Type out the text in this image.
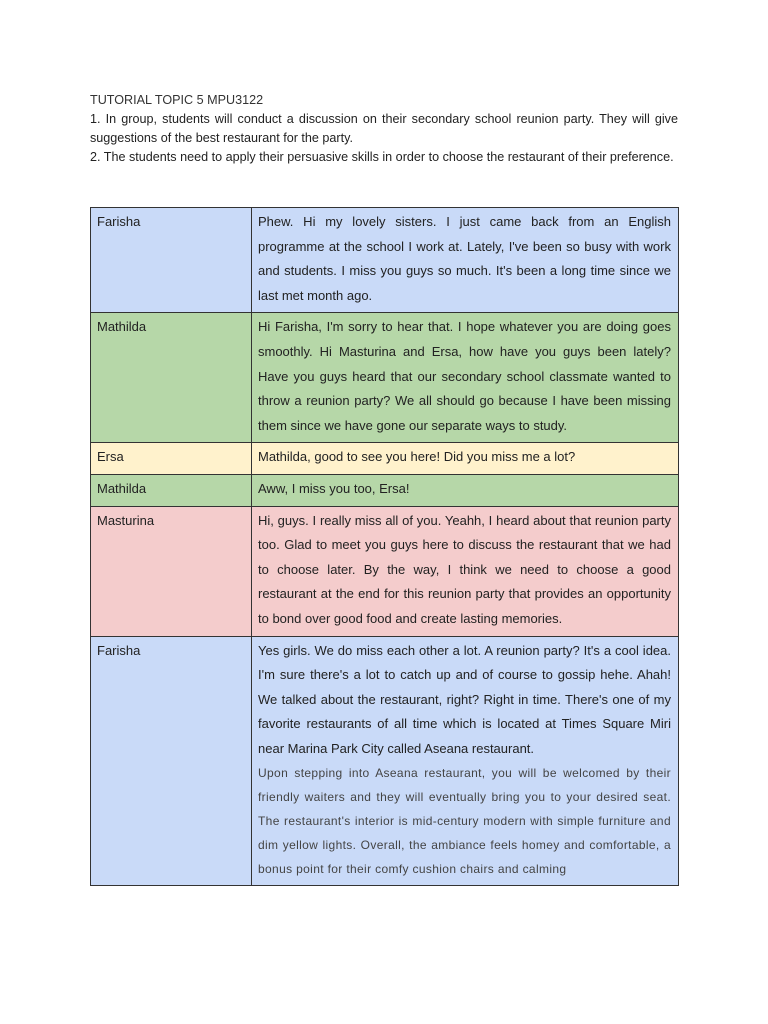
TUTORIAL TOPIC 5 MPU3122

1. In group, students will conduct a discussion on their secondary school reunion party. They will give suggestions of the best restaurant for the party.

2. The students need to apply their persuasive skills in order to choose the restaurant of their preference.

Farisha	Phew. Hi my lovely sisters. I just came back from an English programme at the school I work at. Lately, I've been so busy with work and students. I miss you guys so much. It's been a long time since we last met month ago.
Mathilda	Hi Farisha, I'm sorry to hear that. I hope whatever you are doing goes smoothly. Hi Masturina and Ersa, how have you guys been lately? Have you guys heard that our secondary school classmate wanted to throw a reunion party? We all should go because I have been missing them since we have gone our separate ways to study.
Ersa	Mathilda, good to see you here! Did you miss me a lot?
Mathilda	Aww, I miss you too, Ersa!
Masturina	Hi, guys. I really miss all of you. Yeahh, I heard about that reunion party too. Glad to meet you guys here to discuss the restaurant that we had to choose later. By the way, I think we need to choose a good restaurant at the end for this reunion party that provides an opportunity to bond over good food and create lasting memories.
Farisha	Yes girls. We do miss each other a lot. A reunion party? It's a cool idea. I'm sure there's a lot to catch up and of course to gossip hehe. Ahah! We talked about the restaurant, right? Right in time. There's one of my favorite restaurants of all time which is located at Times Square Miri near Marina Park City called Aseana restaurant.
Upon stepping into Aseana restaurant, you will be welcomed by their friendly waiters and they will eventually bring you to your desired seat. The restaurant's interior is mid-century modern with simple furniture and dim yellow lights. Overall, the ambiance feels homey and comfortable, a bonus point for their comfy cushion chairs and calming
